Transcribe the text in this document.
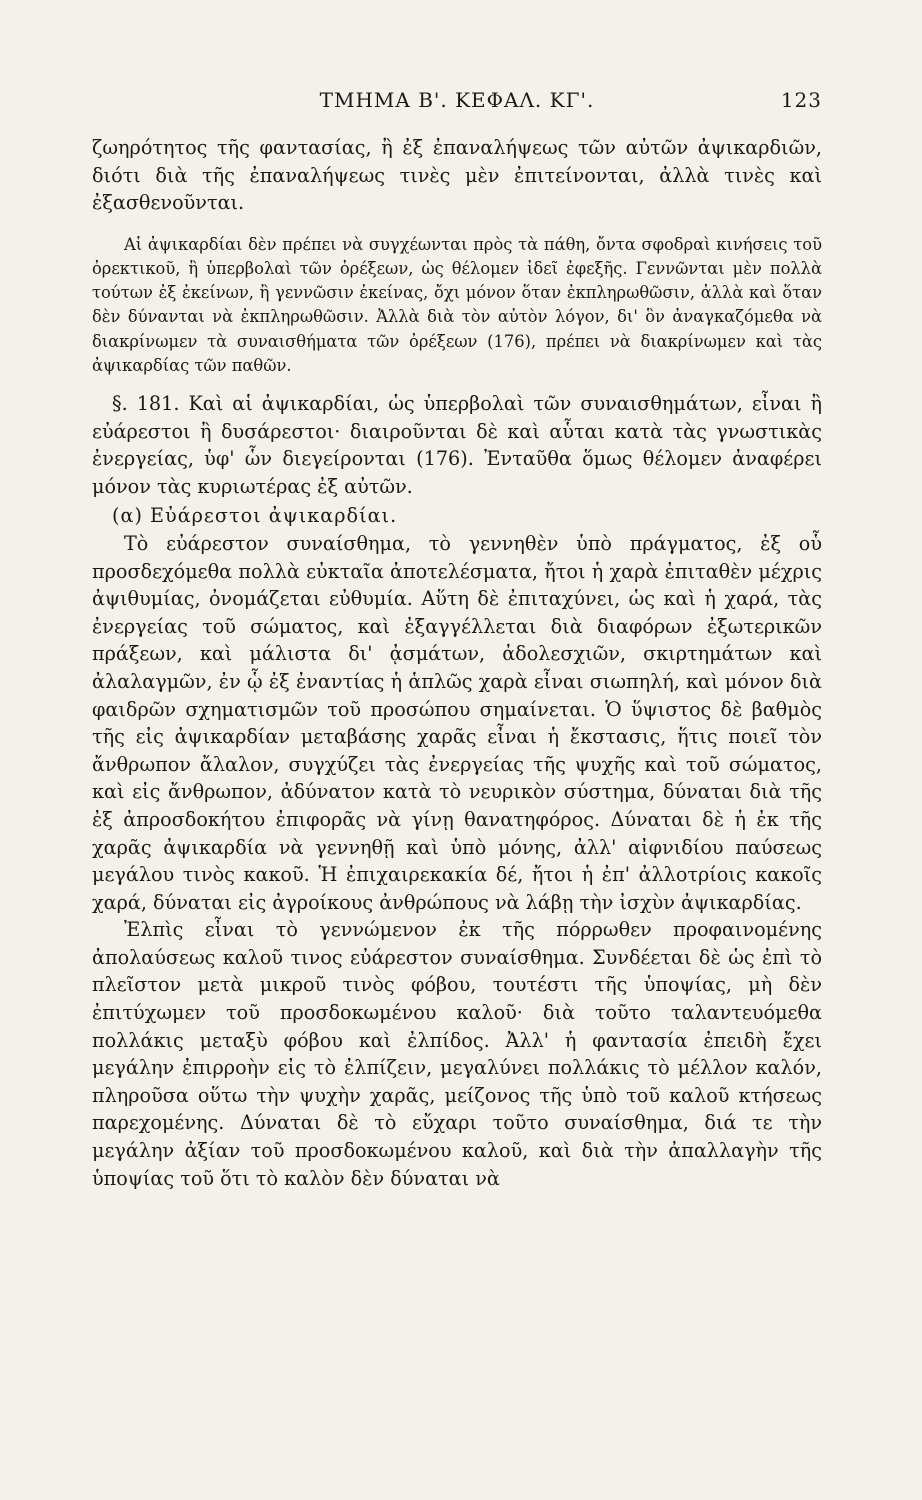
ΤΜΗΜΑ Β'. ΚΕΦΑΛ. ΚΓ'.	123

ζωηρότητος τῆς φαντασίας, ἢ ἐξ ἐπαναλήψεως τῶν αὐτῶν ἀψικαρδιῶν, διότι διὰ τῆς ἐπαναλήψεως τινὲς μὲν ἐπιτείνονται, ἀλλὰ τινὲς καὶ ἐξασθενοῦνται.

Αἱ ἀψικαρδίαι δὲν πρέπει νὰ συγχέωνται πρὸς τὰ πάθη, ὄντα σφοδραὶ κινήσεις τοῦ ὀρεκτικοῦ, ἢ ὑπερβολαὶ τῶν ὀρέξεων, ὡς θέλομεν ἰδεῖ ἐφεξῆς. Γεννῶνται μὲν πολλὰ τούτων ἐξ ἐκείνων, ἢ γεννῶσιν ἐκείνας, ὄχι μόνον ὅταν ἐκπληρωθῶσιν, ἀλλὰ καὶ ὅταν δὲν δύνανται νὰ ἐκπληρωθῶσιν. Ἀλλὰ διὰ τὸν αὐτὸν λόγον, δι' ὃν ἀναγκαζόμεθα νὰ διακρίνωμεν τὰ συναισθήματα τῶν ὀρέξεων (176), πρέπει νὰ διακρίνωμεν καὶ τὰς ἀψικαρδίας τῶν παθῶν.

§. 181. Καὶ αἱ ἀψικαρδίαι, ὡς ὑπερβολαὶ τῶν συναισθημάτων, εἶναι ἢ εὐάρεστοι ἢ δυσάρεστοι· διαιροῦνται δὲ καὶ αὗται κατὰ τὰς γνωστικὰς ἐνεργείας, ὑφ' ὧν διεγείρονται (176). Ἐνταῦθα ὅμως θέλομεν ἀναφέρει μόνον τὰς κυριωτέρας ἐξ αὐτῶν.

(α) Εὐάρεστοι ἀψικαρδίαι.

Τὸ εὐάρεστον συναίσθημα, τὸ γεννηθὲν ὑπὸ πράγματος, ἐξ οὗ προσδεχόμεθα πολλὰ εὐκταῖα ἀποτελέσματα, ἤτοι ἡ χαρὰ ἐπιταθὲν μέχρις ἀψιθυμίας, ὀνομάζεται εὐθυμία. Αὕτη δὲ ἐπιταχύνει, ὡς καὶ ἡ χαρά, τὰς ἐνεργείας τοῦ σώματος, καὶ ἐξαγγέλλεται διὰ διαφόρων ἐξωτερικῶν πράξεων, καὶ μάλιστα δι' ᾀσμάτων, ἀδολεσχιῶν, σκιρτημάτων καὶ ἀλαλαγμῶν, ἐν ᾧ ἐξ ἐναντίας ἡ ἁπλῶς χαρὰ εἶναι σιωπηλή, καὶ μόνον διὰ φαιδρῶν σχηματισμῶν τοῦ προσώπου σημαίνεται. Ὁ ὕψιστος δὲ βαθμὸς τῆς εἰς ἀψικαρδίαν μεταβάσης χαρᾶς εἶναι ἡ ἔκστασις, ἥτις ποιεῖ τὸν ἄνθρωπον ἄλαλον, συγχύζει τὰς ἐνεργείας τῆς ψυχῆς καὶ τοῦ σώματος, καὶ εἰς ἄνθρωπον, ἀδύνατον κατὰ τὸ νευρικὸν σύστημα, δύναται διὰ τῆς ἐξ ἀπροσδοκήτου ἐπιφορᾶς νὰ γίνῃ θανατηφόρος. Δύναται δὲ ἡ ἐκ τῆς χαρᾶς ἀψικαρδία νὰ γεννηθῇ καὶ ὑπὸ μόνης, ἀλλ' αἰφνιδίου παύσεως μεγάλου τινὸς κακοῦ. Ἡ ἐπιχαιρεκακία δέ, ἤτοι ἡ ἐπ' ἀλλοτρίοις κακοῖς χαρά, δύναται εἰς ἀγροίκους ἀνθρώπους νὰ λάβῃ τὴν ἰσχὺν ἀψικαρδίας.

Ἐλπὶς εἶναι τὸ γεννώμενον ἐκ τῆς πόρρωθεν προφαινομένης ἀπολαύσεως καλοῦ τινος εὐάρεστον συναίσθημα. Συνδέεται δὲ ὡς ἐπὶ τὸ πλεῖστον μετὰ μικροῦ τινὸς φόβου, τουτέστι τῆς ὑποψίας, μὴ δὲν ἐπιτύχωμεν τοῦ προσδοκωμένου καλοῦ· διὰ τοῦτο ταλαντευόμεθα πολλάκις μεταξὺ φόβου καὶ ἐλπίδος. Ἀλλ' ἡ φαντασία ἐπειδὴ ἔχει μεγάλην ἐπιρροὴν εἰς τὸ ἐλπίζειν, μεγαλύνει πολλάκις τὸ μέλλον καλόν, πληροῦσα οὕτω τὴν ψυχὴν χαρᾶς, μείζονος τῆς ὑπὸ τοῦ καλοῦ κτήσεως παρεχομένης. Δύναται δὲ τὸ εὔχαρι τοῦτο συναίσθημα, διά τε τὴν μεγάλην ἀξίαν τοῦ προσδοκωμένου καλοῦ, καὶ διὰ τὴν ἀπαλλαγὴν τῆς ὑποψίας τοῦ ὅτι τὸ καλὸν δὲν δύναται νὰ
